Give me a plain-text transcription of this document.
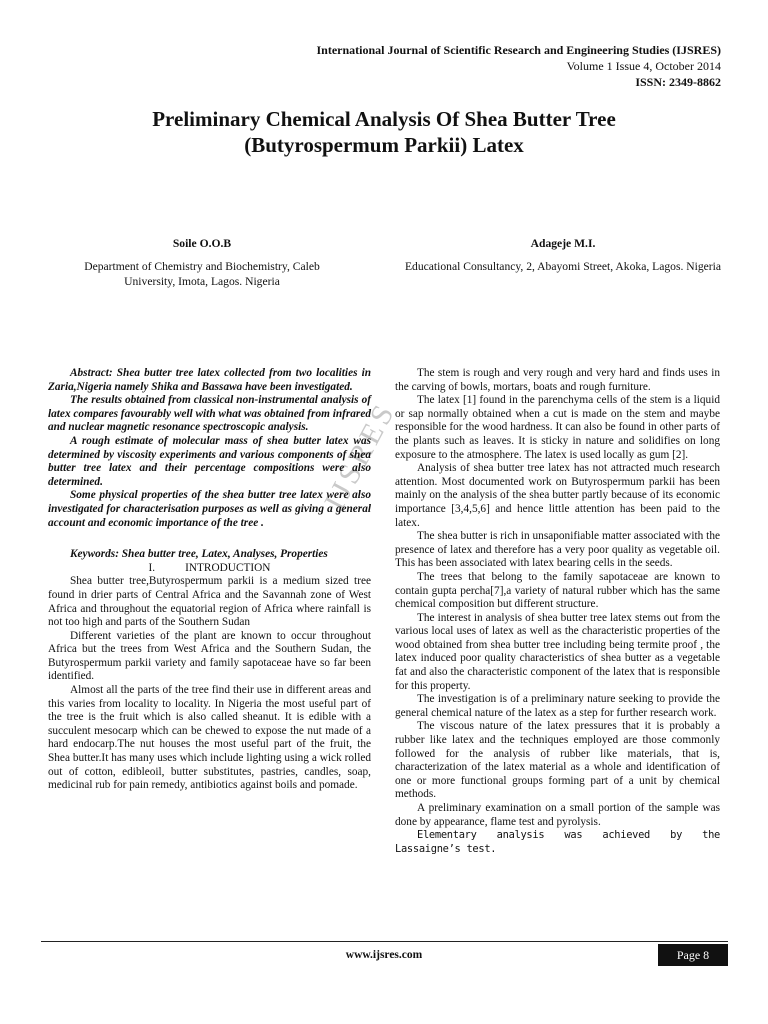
International Journal of Scientific Research and Engineering Studies (IJSRES)
Volume 1 Issue 4, October 2014
ISSN: 2349-8862
Preliminary Chemical Analysis Of Shea Butter Tree
(Butyrospermum Parkii) Latex
Soile O.O.B
Department of Chemistry and Biochemistry, Caleb University, Imota, Lagos. Nigeria
Adageje M.I.
Educational Consultancy, 2, Abayomi Street, Akoka, Lagos. Nigeria
IJSRES

Abstract: Shea butter tree latex collected from two localities in Zaria,Nigeria namely Shika and Bassawa have been investigated.

The results obtained from classical non-instrumental analysis of latex compares favourably well with what was obtained from infrared and nuclear magnetic resonance spectroscopic analysis.

A rough estimate of molecular mass of shea butter latex was determined by viscosity experiments and various components of shea butter tree latex and their percentage compositions were also determined.

Some physical properties of the shea butter tree latex were also investigated for characterisation purposes as well as giving a general account and economic importance of the tree .

Keywords: Shea butter tree, Latex, Analyses, Properties

I.	INTRODUCTION

Shea butter tree,Butyrospermum parkii is a medium sized tree found in drier parts of Central Africa and the Savannah zone of West Africa and throughout the equatorial region of Africa where rainfall is not too high and parts of the Southern Sudan

Different varieties of the plant are known to occur throughout Africa but the trees from West Africa and the Southern Sudan, the Butyrospermum parkii variety and family sapotaceae have so far been identified.

Almost all the parts of the tree find their use in different areas and this varies from locality to locality. In Nigeria the most useful part of the tree is the fruit which is also called sheanut. It is edible with a succulent mesocarp which can be chewed to expose the nut made of a hard endocarp.The nut houses the most useful part of the fruit, the Shea butter.It has many uses which include lighting using a wick rolled out of cotton, edibleoil, butter substitutes, pastries, candles, soap, medicinal rub for pain remedy, antibiotics against boils and pomade.

The stem is rough and very rough and very hard and finds uses in the carving of bowls, mortars, boats and rough furniture.

The latex [1] found in the parenchyma cells of the stem is a liquid or sap normally obtained when a cut is made on the stem and maybe responsible for the wood hardness. It can also be found in other parts of the plants such as leaves. It is sticky in nature and solidifies on long exposure to the atmosphere. The latex is used locally as gum [2].

Analysis of shea butter tree latex has not attracted much research attention. Most documented work on Butyrospermum parkii has been mainly on the analysis of the shea butter partly because of its economic importance [3,4,5,6] and hence little attention has been paid to the latex.

The shea butter is rich in unsaponifiable matter associated with the presence of latex and therefore has a very poor quality as vegetable oil. This has been associated with latex bearing cells in the seeds.

The trees that belong to the family sapotaceae are known to contain gupta percha[7],a variety of natural rubber which has the same chemical composition but different structure.

The interest in analysis of shea butter tree latex stems out from the various local uses of latex as well as the characteristic properties of the wood obtained from shea butter tree including being termite proof , the latex induced poor quality characteristics of shea butter as a vegetable fat and also the characteristic component of the latex that is responsible for this property.

The investigation is of a preliminary nature seeking to provide the general chemical nature of the latex as a step for further research work.

The viscous nature of the latex pressures that it is probably a rubber like latex and the techniques employed are those commonly followed for the analysis of rubber like materials, that is, characterization of the latex material as a whole and identification of one or more functional groups forming part of a unit by chemical methods.

A preliminary examination on a small portion of the sample was done by appearance, flame test and pyrolysis.

Elementary analysis was achieved by the Lassaigne’s test.

www.ijsres.com	Page 8
